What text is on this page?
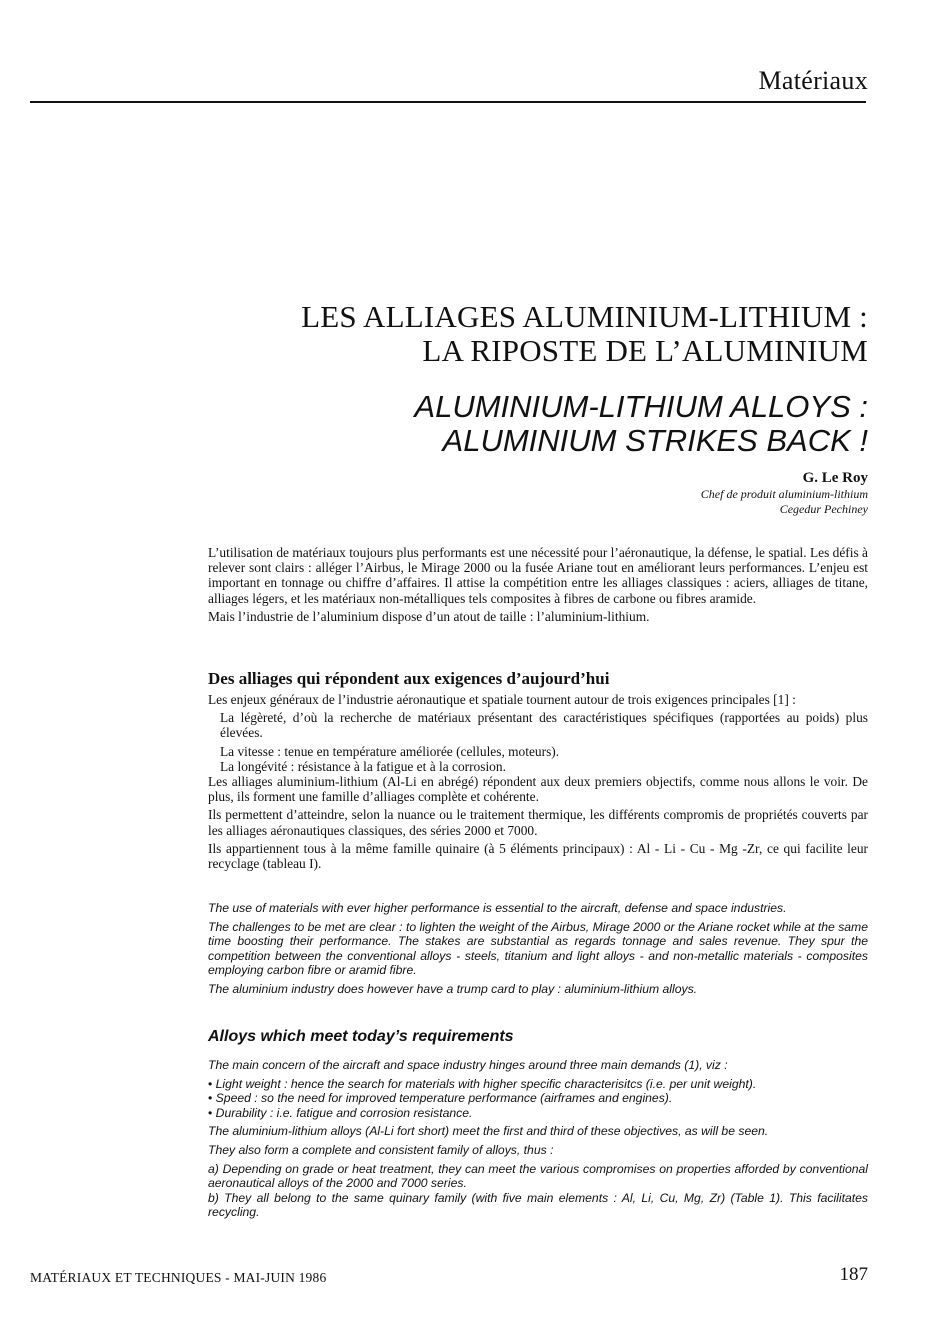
Matériaux
LES ALLIAGES ALUMINIUM-LITHIUM :
LA RIPOSTE DE L’ALUMINIUM
ALUMINIUM-LITHIUM ALLOYS :
ALUMINIUM STRIKES BACK !
G. Le Roy
Chef de produit aluminium-lithium
Cegedur Pechiney

L’utilisation de matériaux toujours plus performants est une nécessité pour l’aéronautique, la défense, le spatial. Les défis à relever sont clairs : alléger l’Airbus, le Mirage 2000 ou la fusée Ariane tout en améliorant leurs performances. L’enjeu est important en tonnage ou chiffre d’affaires. Il attise la compétition entre les alliages classiques : aciers, alliages de titane, alliages légers, et les matériaux non-métalliques tels composites à fibres de carbone ou fibres aramide.

Mais l’industrie de l’aluminium dispose d’un atout de taille : l’aluminium-lithium.

Des alliages qui répondent aux exigences d’aujourd’hui

Les enjeux généraux de l’industrie aéronautique et spatiale tournent autour de trois exigences principales [1] :

La légèreté, d’où la recherche de matériaux présentant des caractéristiques spécifiques (rapportées au poids) plus élevées.

La vitesse : tenue en température améliorée (cellules, moteurs).

La longévité : résistance à la fatigue et à la corrosion.

Les alliages aluminium-lithium (Al-Li en abrégé) répondent aux deux premiers objectifs, comme nous allons le voir. De plus, ils forment une famille d’alliages complète et cohérente.

Ils permettent d’atteindre, selon la nuance ou le traitement thermique, les différents compromis de propriétés couverts par les alliages aéronautiques classiques, des séries 2000 et 7000.

Ils appartiennent tous à la même famille quinaire (à 5 éléments principaux) : Al - Li - Cu - Mg -Zr, ce qui facilite leur recyclage (tableau I).

The use of materials with ever higher performance is essential to the aircraft, defense and space industries.

The challenges to be met are clear : to lighten the weight of the Airbus, Mirage 2000 or the Ariane rocket while at the same time boosting their performance. The stakes are substantial as regards tonnage and sales revenue. They spur the competition between the conventional alloys - steels, titanium and light alloys - and non-metallic materials - composites employing carbon fibre or aramid fibre.

The aluminium industry does however have a trump card to play : aluminium-lithium alloys.

Alloys which meet today’s requirements

The main concern of the aircraft and space industry hinges around three main demands (1), viz :

• Light weight : hence the search for materials with higher specific characterisitcs (i.e. per unit weight).

• Speed : so the need for improved temperature performance (airframes and engines).

• Durability : i.e. fatigue and corrosion resistance.

The aluminium-lithium alloys (Al-Li fort short) meet the first and third of these objectives, as will be seen.

They also form a complete and consistent family of alloys, thus :

a) Depending on grade or heat treatment, they can meet the various compromises on properties afforded by conventional aeronautical alloys of the 2000 and 7000 series.

b) They all belong to the same quinary family (with five main elements : Al, Li, Cu, Mg, Zr) (Table 1). This facilitates recycling.

MATÉRIAUX ET TECHNIQUES - MAI-JUIN 1986	187
